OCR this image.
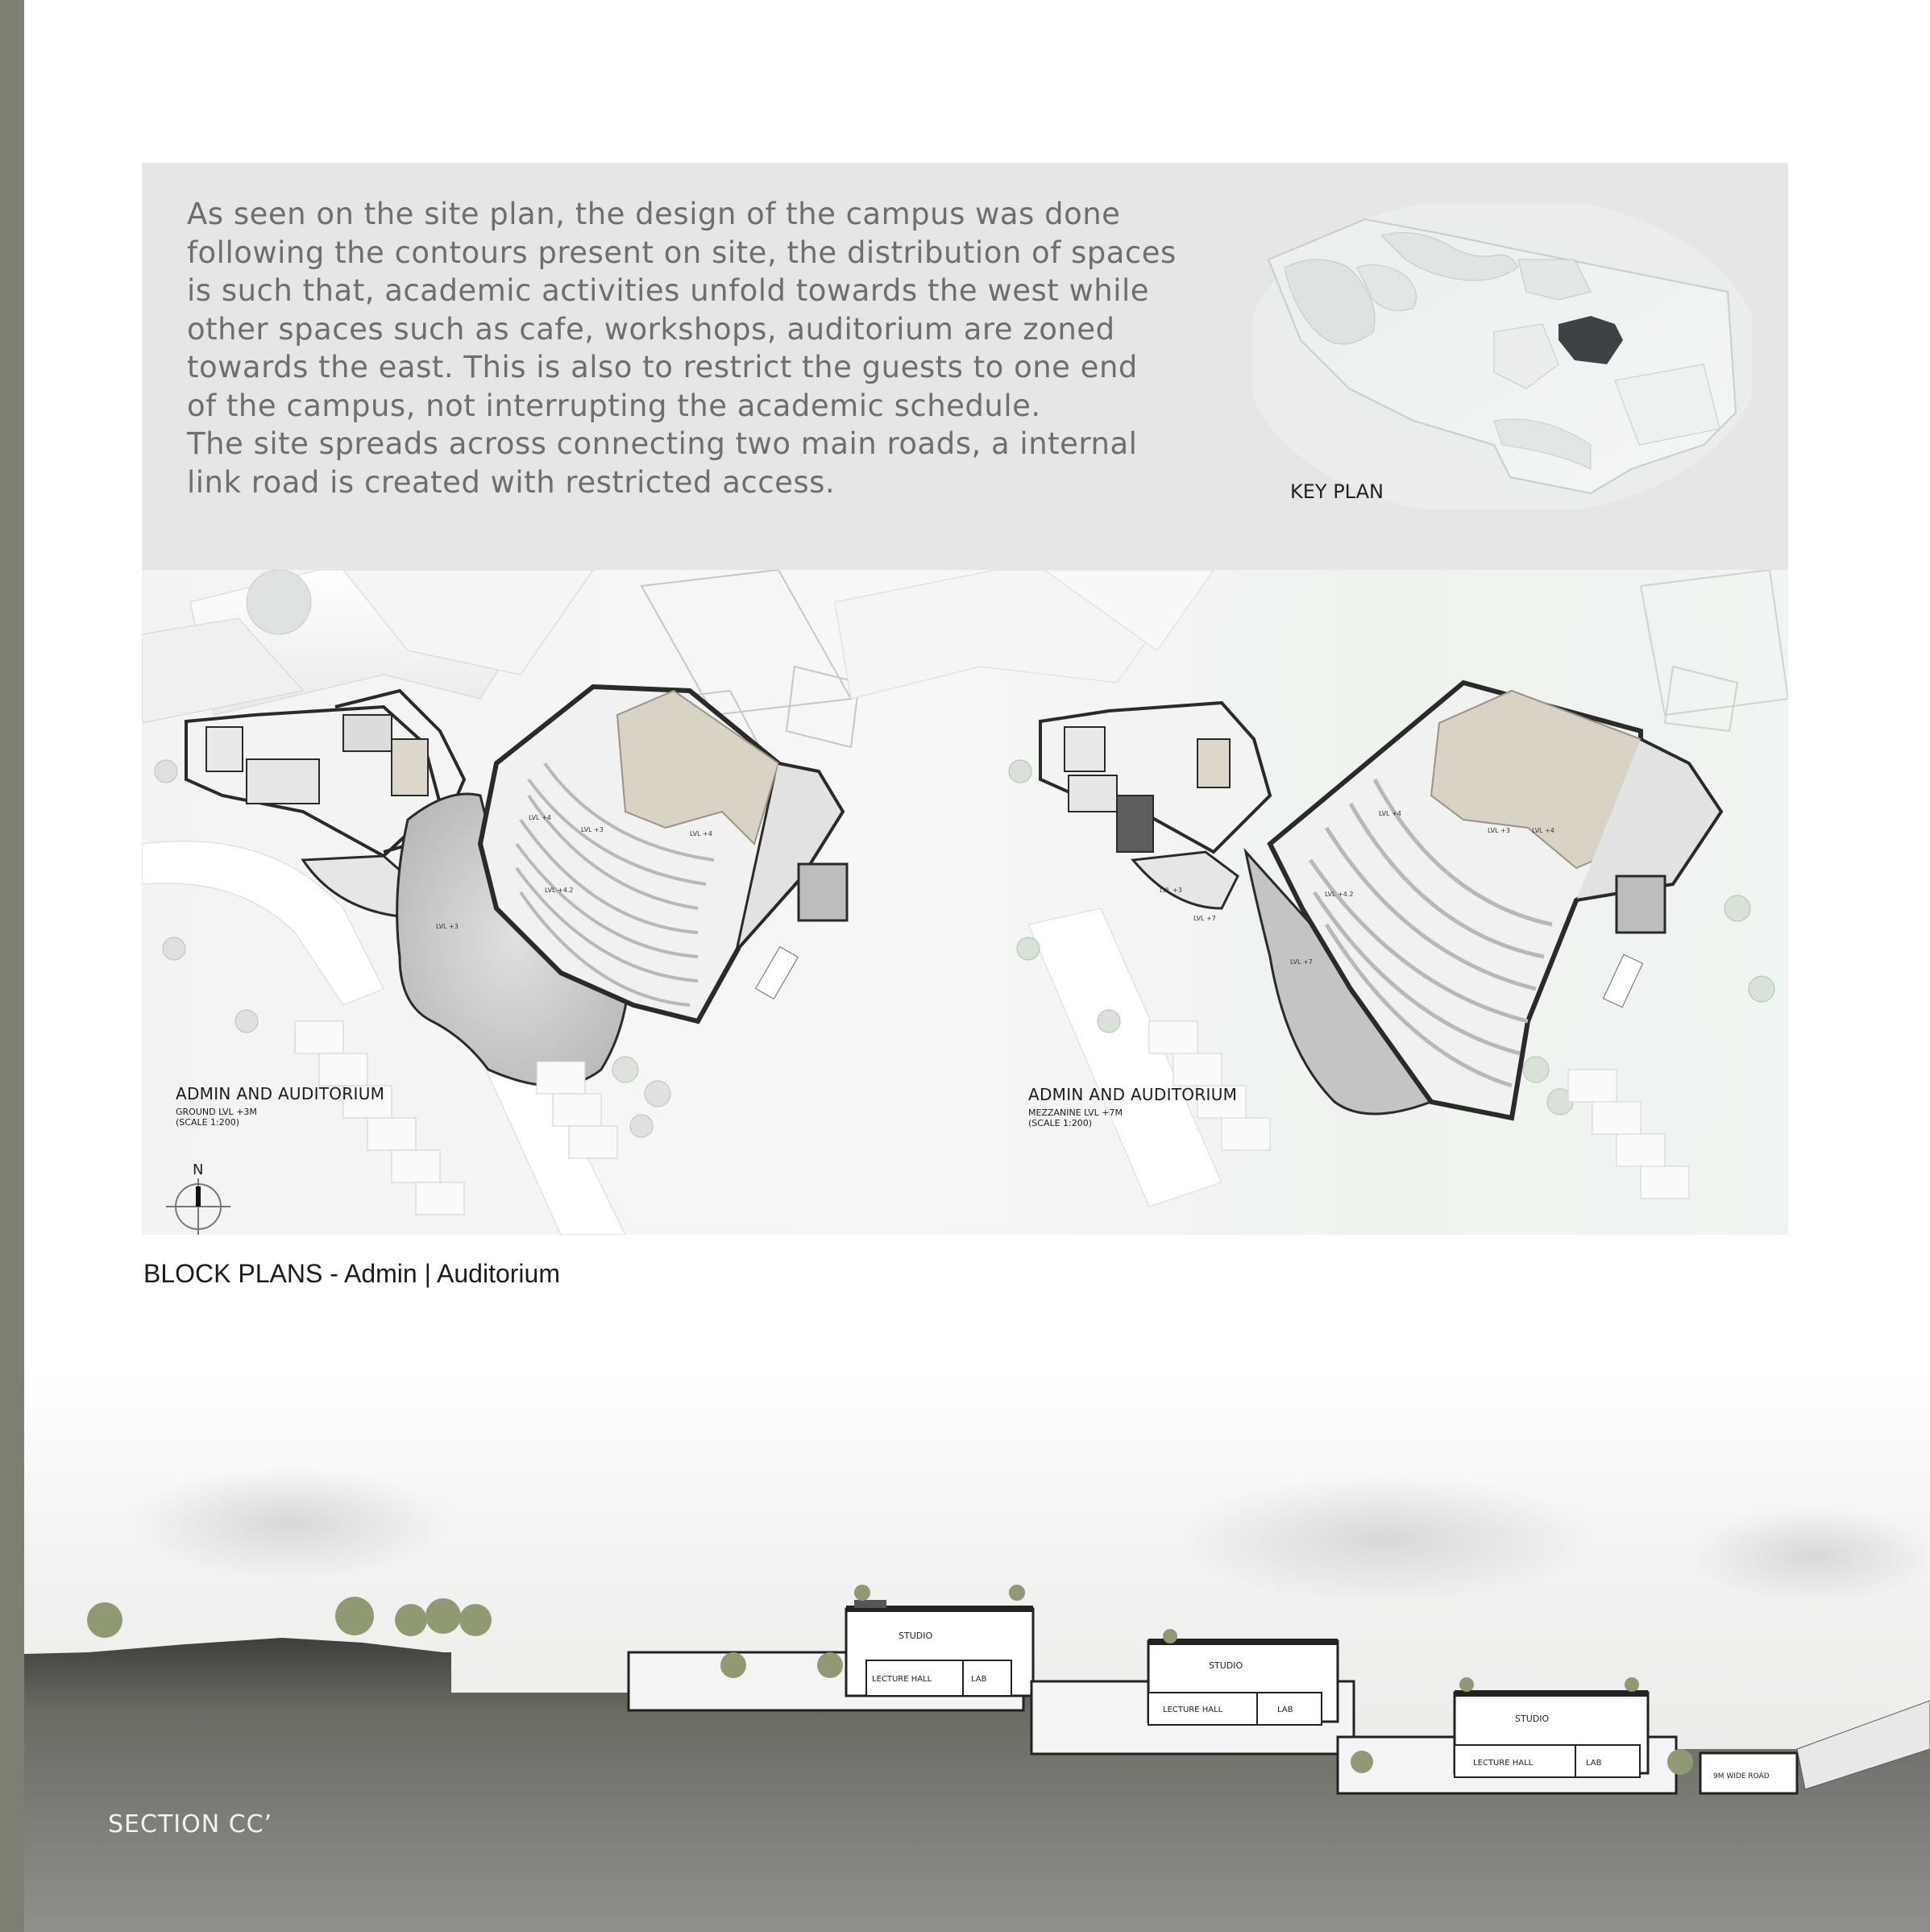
As seen on the site plan, the design of the campus was done
following the contours present on site, the distribution of spaces
is such that, academic activities unfold towards the west while
other spaces such as cafe, workshops, auditorium are zoned
towards the east. This is also to restrict the guests to one end
of the campus, not interrupting the academic schedule.
The site spreads across connecting two main roads, a internal
link road is created with restricted access.	KEY PLAN
LVL +4
LVL +3
LVL +4
LVL +4.2
LVL +3
LVL +4
LVL +3	LVL +4
LVL +4.2
LVL +7
LVL +3
LVL +7
N
ADMIN AND AUDITORIUM
GROUND LVL +3M
(SCALE 1:200)
ADMIN AND AUDITORIUM
MEZZANINE LVL +7M
(SCALE 1:200)
BLOCK PLANS - Admin | Auditorium
STUDIO
LECTURE HALL	LAB
STUDIO
LECTURE HALL	LAB
STUDIO
LECTURE HALL	LAB
9M WIDE ROAD
SECTION CC’
